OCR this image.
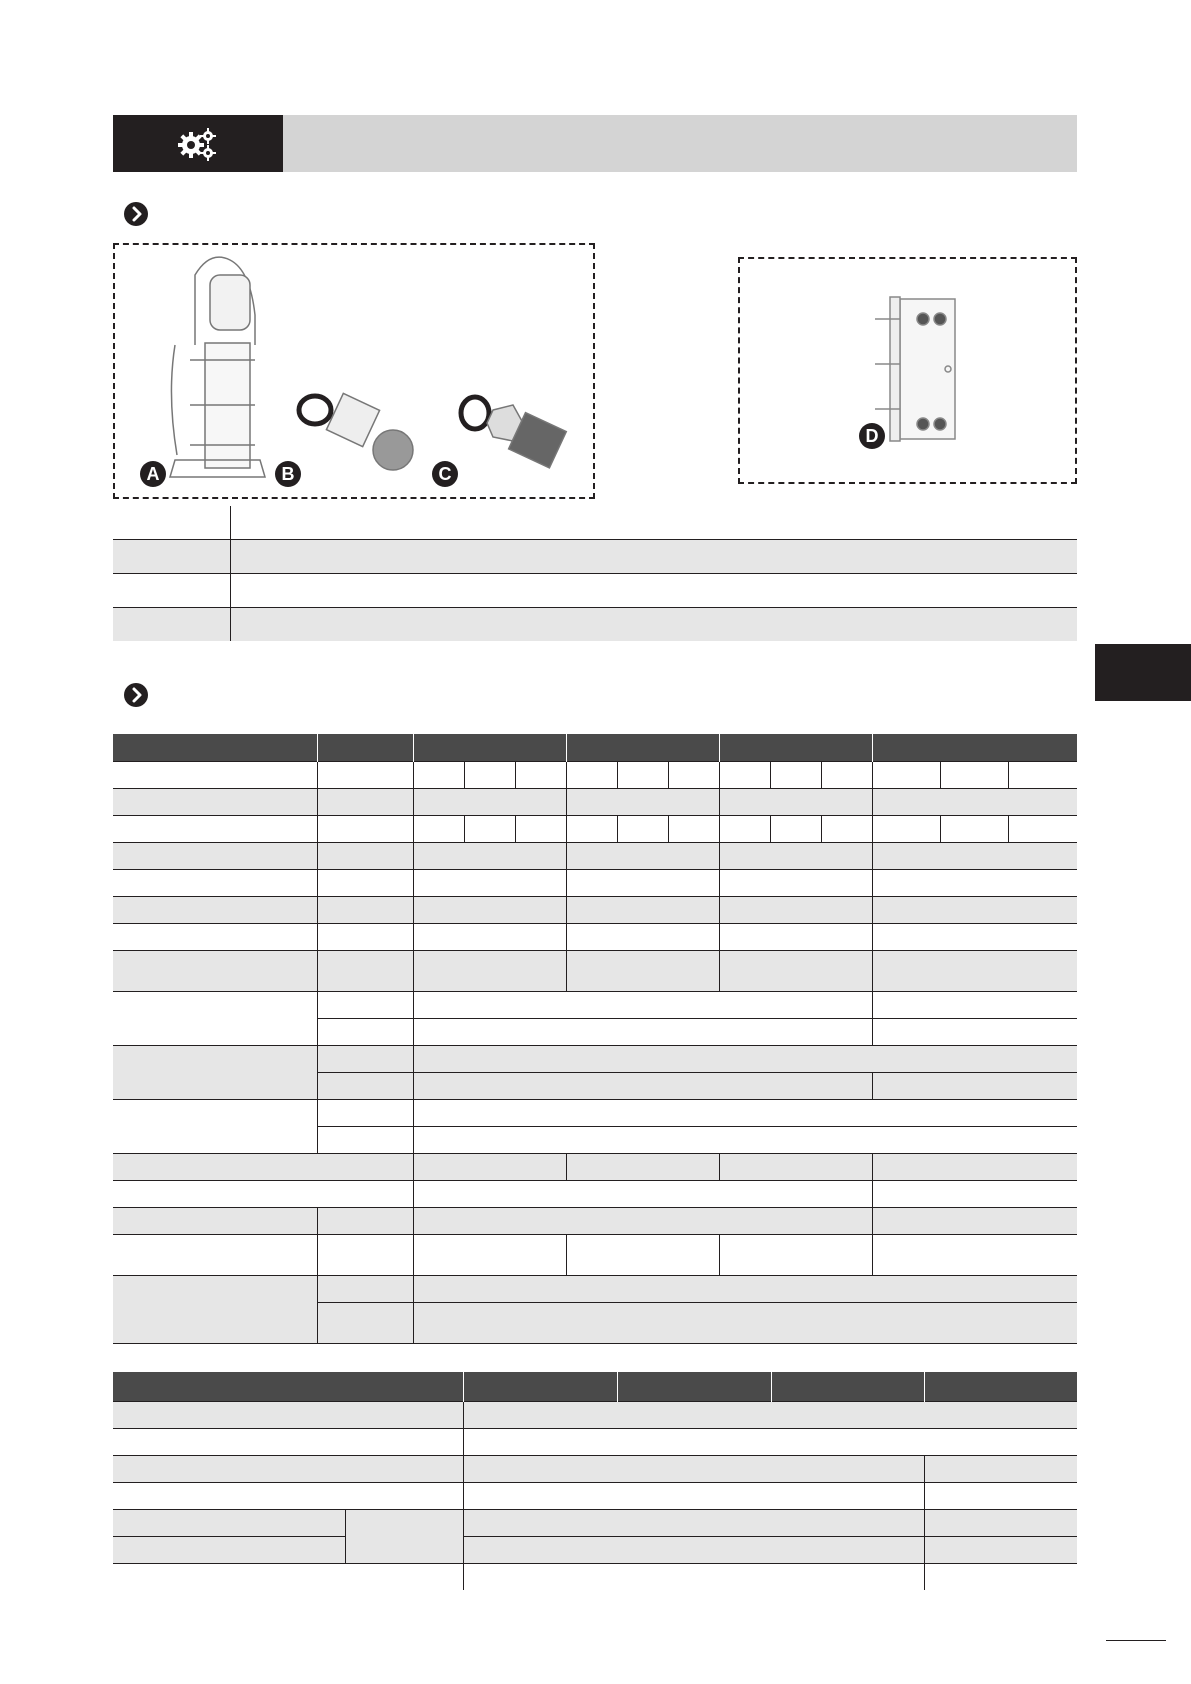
A	B	C
D
